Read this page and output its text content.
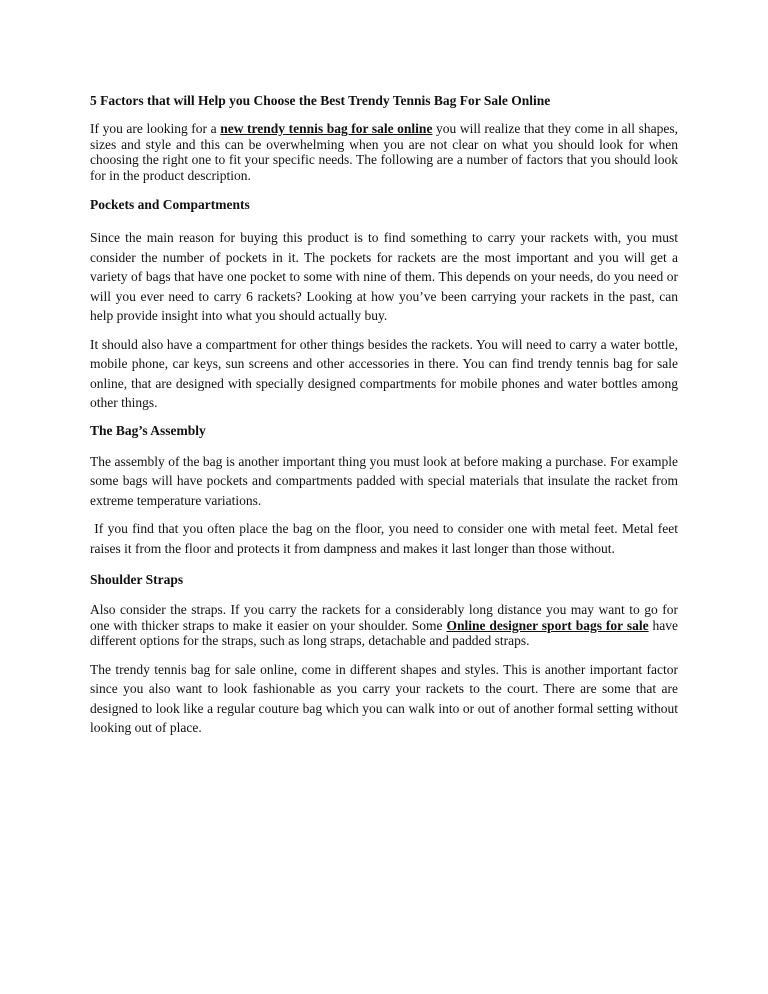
5 Factors that will Help you Choose the Best Trendy Tennis Bag For Sale Online

If you are looking for a new trendy tennis bag for sale online you will realize that they come in all shapes, sizes and style and this can be overwhelming when you are not clear on what you should look for when choosing the right one to fit your specific needs. The following are a number of factors that you should look for in the product description.

Pockets and Compartments

Since the main reason for buying this product is to find something to carry your rackets with, you must consider the number of pockets in it. The pockets for rackets are the most important and you will get a variety of bags that have one pocket to some with nine of them. This depends on your needs, do you need or will you ever need to carry 6 rackets? Looking at how you’ve been carrying your rackets in the past, can help provide insight into what you should actually buy.

It should also have a compartment for other things besides the rackets. You will need to carry a water bottle, mobile phone, car keys, sun screens and other accessories in there. You can find trendy tennis bag for sale online, that are designed with specially designed compartments for mobile phones and water bottles among other things.

The Bag’s Assembly

The assembly of the bag is another important thing you must look at before making a purchase. For example some bags will have pockets and compartments padded with special materials that insulate the racket from extreme temperature variations.

If you find that you often place the bag on the floor, you need to consider one with metal feet. Metal feet raises it from the floor and protects it from dampness and makes it last longer than those without.

Shoulder Straps

Also consider the straps. If you carry the rackets for a considerably long distance you may want to go for one with thicker straps to make it easier on your shoulder. Some Online designer sport bags for sale have different options for the straps, such as long straps, detachable and padded straps.

The trendy tennis bag for sale online, come in different shapes and styles. This is another important factor since you also want to look fashionable as you carry your rackets to the court. There are some that are designed to look like a regular couture bag which you can walk into or out of another formal setting without looking out of place.
